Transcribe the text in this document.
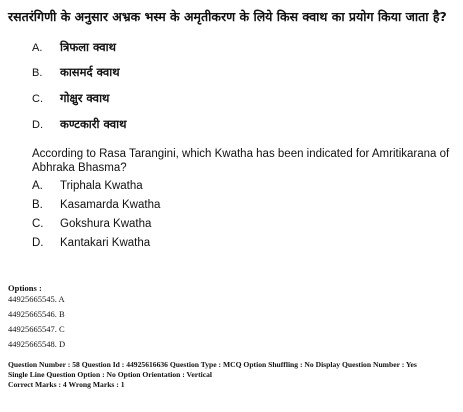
रसतरंगिणी के अनुसार अभ्रक भस्म के अमृतीकरण के लिये किस क्वाथ का प्रयोग किया जाता है?
A. त्रिफला क्वाथ
B. कासमर्द क्वाथ
C. गोक्षुर क्वाथ
D. कण्टकारी क्वाथ
According to Rasa Tarangini, which Kwatha has been indicated for Amritikarana of Abhraka Bhasma?
A. Triphala Kwatha
B. Kasamarda Kwatha
C. Gokshura Kwatha
D. Kantakari Kwatha
Options :
44925665545. A
44925665546. B
44925665547. C
44925665548. D
Question Number : 58 Question Id : 44925616636 Question Type : MCQ Option Shuffling : No Display Question Number : Yes
Single Line Question Option : No Option Orientation : Vertical
Correct Marks : 4 Wrong Marks : 1
